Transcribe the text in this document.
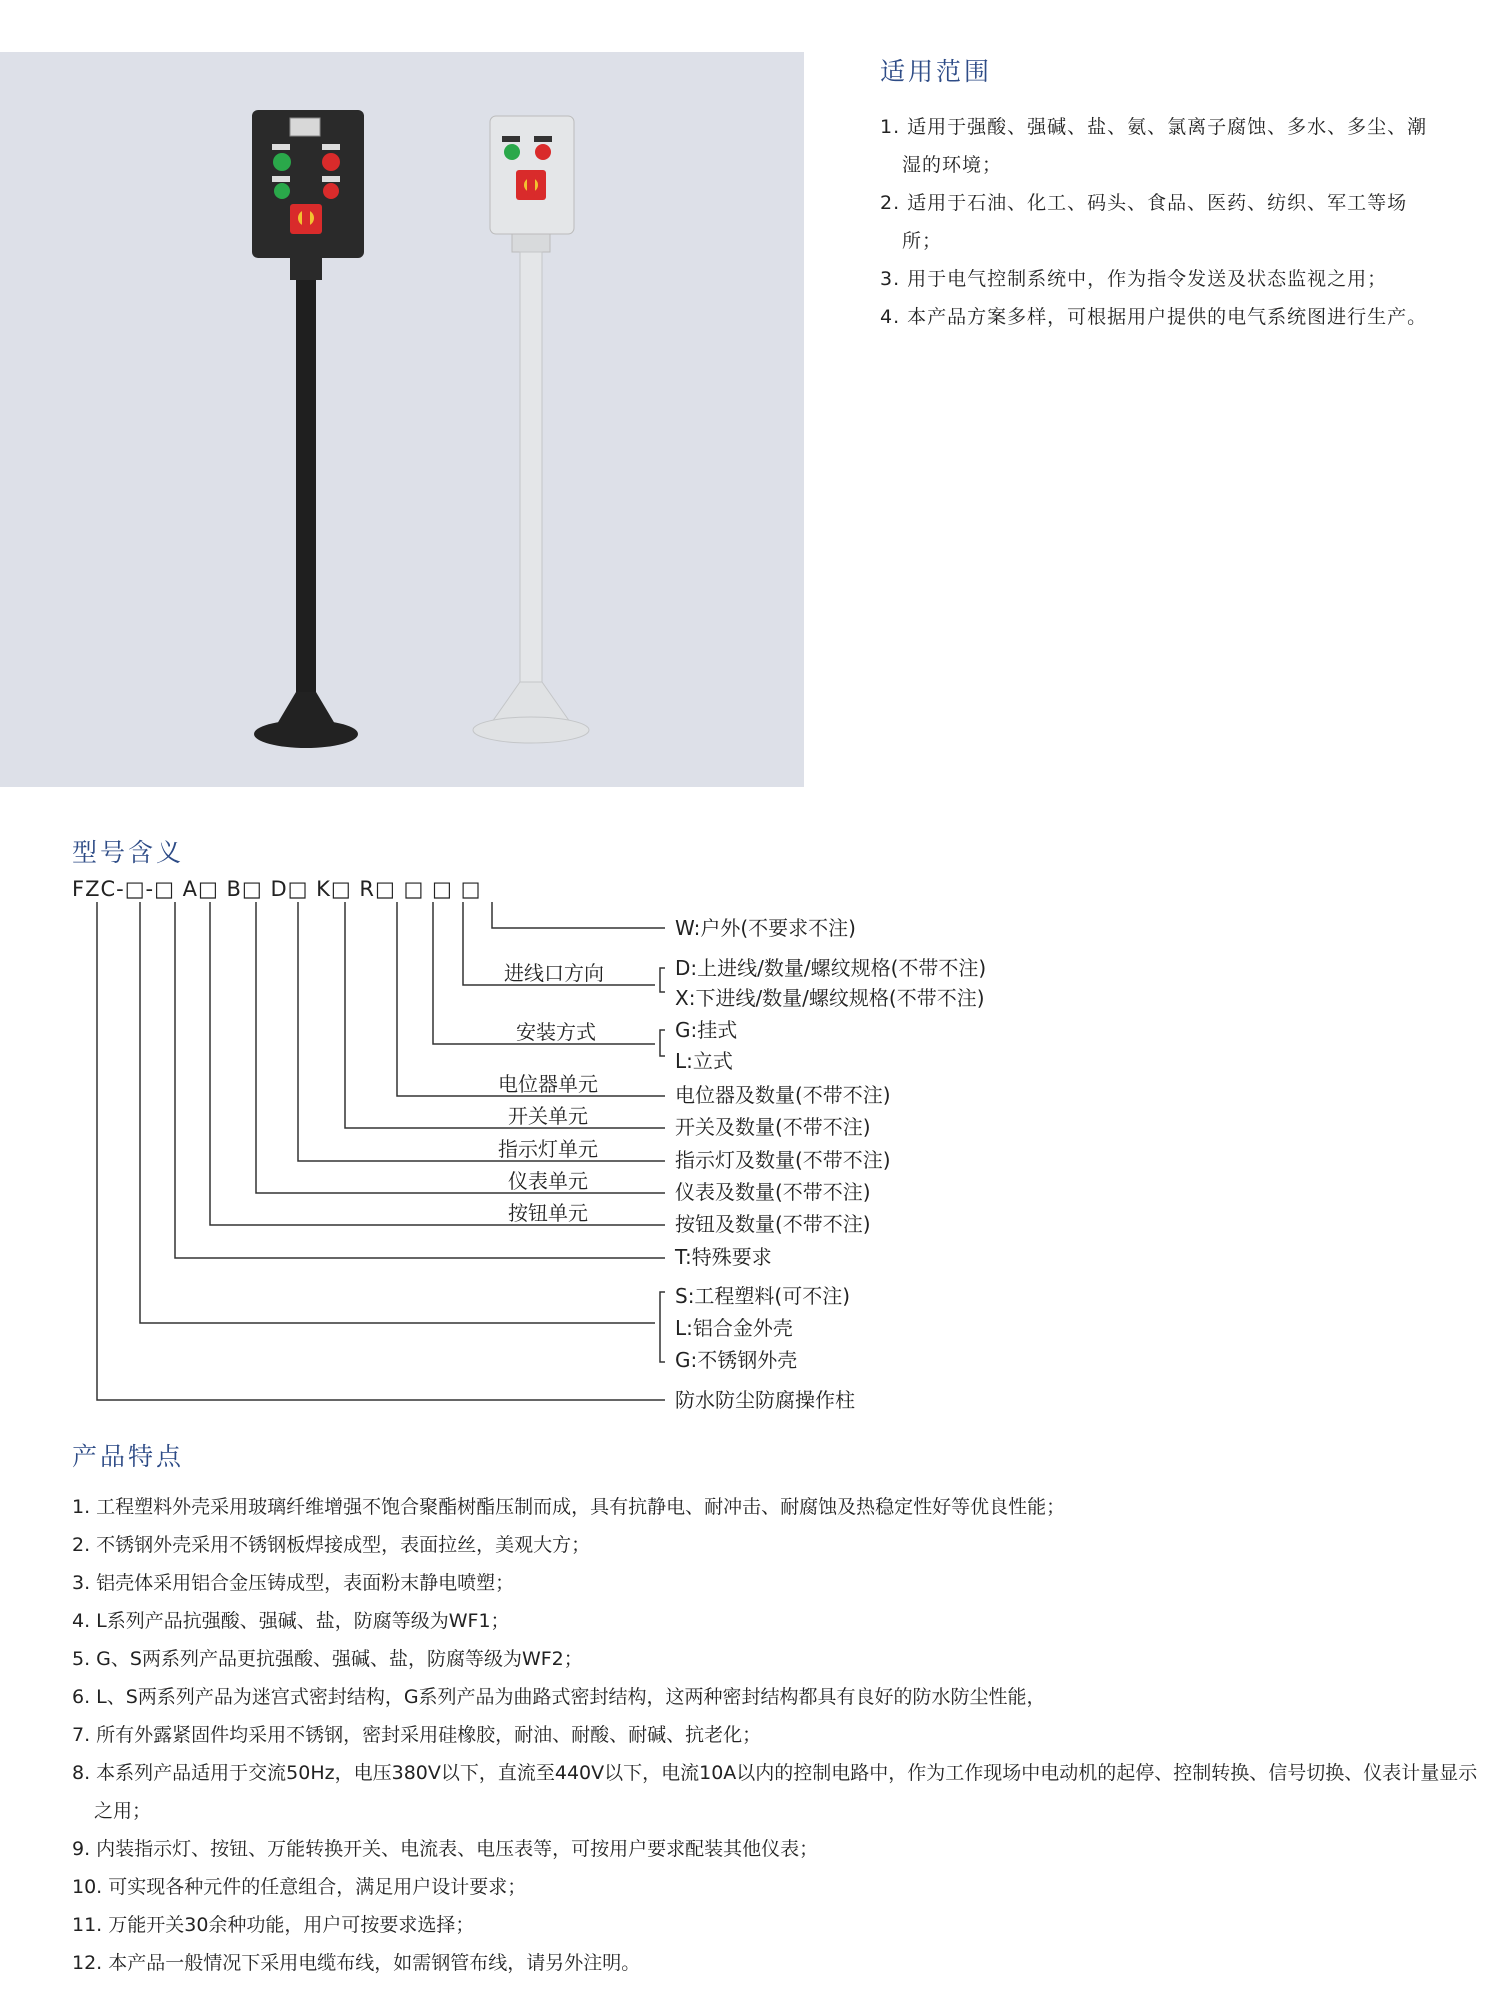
适用范围
1. 适用于强酸、强碱、盐、氨、氯离子腐蚀、多水、多尘、潮湿的环境；
2. 适用于石油、化工、码头、食品、医药、纺织、军工等场所；
3. 用于电气控制系统中，作为指令发送及状态监视之用；
4. 本产品方案多样，可根据用户提供的电气系统图进行生产。
型号含义
FZC-□-□ A□ B□ D□ K□ R□ □ □ □
进线口方向
安装方式
电位器单元
开关单元
指示灯单元
仪表单元
按钮单元
W:户外(不要求不注)
D:上进线/数量/螺纹规格(不带不注)
X:下进线/数量/螺纹规格(不带不注)
G:挂式
L:立式
电位器及数量(不带不注)
开关及数量(不带不注)
指示灯及数量(不带不注)
仪表及数量(不带不注)
按钮及数量(不带不注)
T:特殊要求
S:工程塑料(可不注)
L:铝合金外壳
G:不锈钢外壳
防水防尘防腐操作柱
产品特点
1. 工程塑料外壳采用玻璃纤维增强不饱合聚酯树酯压制而成，具有抗静电、耐冲击、耐腐蚀及热稳定性好等优良性能；
2. 不锈钢外壳采用不锈钢板焊接成型，表面拉丝，美观大方；
3. 铝壳体采用铝合金压铸成型，表面粉末静电喷塑；
4. L系列产品抗强酸、强碱、盐，防腐等级为WF1；
5. G、S两系列产品更抗强酸、强碱、盐，防腐等级为WF2；
6. L、S两系列产品为迷宫式密封结构，G系列产品为曲路式密封结构，这两种密封结构都具有良好的防水防尘性能，
7. 所有外露紧固件均采用不锈钢，密封采用硅橡胶，耐油、耐酸、耐碱、抗老化；
8. 本系列产品适用于交流50Hz，电压380V以下，直流至440V以下，电流10A以内的控制电路中，作为工作现场中电动机的起停、控制转换、信号切换、仪表计量显示之用；
9. 内装指示灯、按钮、万能转换开关、电流表、电压表等，可按用户要求配装其他仪表；
10. 可实现各种元件的任意组合，满足用户设计要求；
11. 万能开关30余种功能，用户可按要求选择；
12. 本产品一般情况下采用电缆布线，如需钢管布线，请另外注明。
